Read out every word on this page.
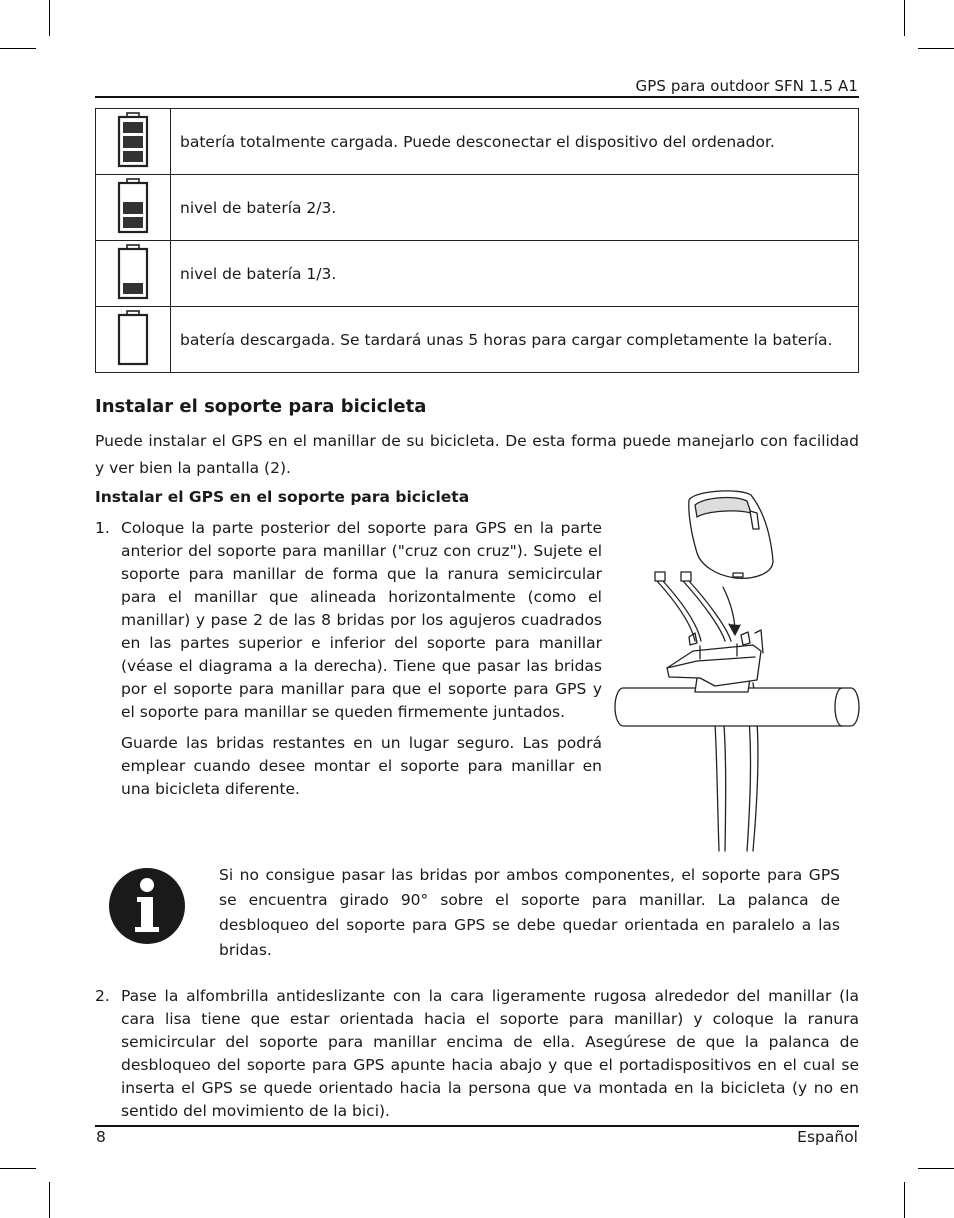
GPS para outdoor SFN 1.5 A1
	batería totalmente cargada. Puede desconectar el dispositivo del ordenador.
	nivel de batería 2/3.
	nivel de batería 1/3.
	batería descargada. Se tardará unas 5 horas para cargar completamente la batería.
Instalar el soporte para bicicleta

Puede instalar el GPS en el manillar de su bicicleta. De esta forma puede manejarlo con facilidad y ver bien la pantalla (2).

Instalar el GPS en el soporte para bicicleta
1. Coloque la parte posterior del soporte para GPS en la parte anterior del soporte para manillar ("cruz con cruz"). Sujete el soporte para manillar de forma que la ranura semicircular para el manillar que alineada horizontalmente (como el manillar) y pase 2 de las 8 bridas por los agujeros cuadrados en las partes superior e inferior del soporte para manillar (véase el diagrama a la derecha). Tiene que pasar las bridas por el soporte para manillar para que el soporte para GPS y el soporte para manillar se queden firmemente juntados.

Guarde las bridas restantes en un lugar seguro. Las podrá emplear cuando desee montar el soporte para manillar en una bicicleta diferente.

Si no consigue pasar las bridas por ambos componentes, el soporte para GPS se encuentra girado 90° sobre el soporte para manillar. La palanca de desbloqueo del soporte para GPS se debe quedar orientada en paralelo a las bridas.

2. Pase la alfombrilla antideslizante con la cara ligeramente rugosa alrededor del manillar (la cara lisa tiene que estar orientada hacia el soporte para manillar) y coloque la ranura semicircular del soporte para manillar encima de ella. Asegúrese de que la palanca de desbloqueo del soporte para GPS apunte hacia abajo y que el portadispositivos en el cual se inserta el GPS se quede orientado hacia la persona que va montada en la bicicleta (y no en sentido del movimiento de la bici).

8	Español
